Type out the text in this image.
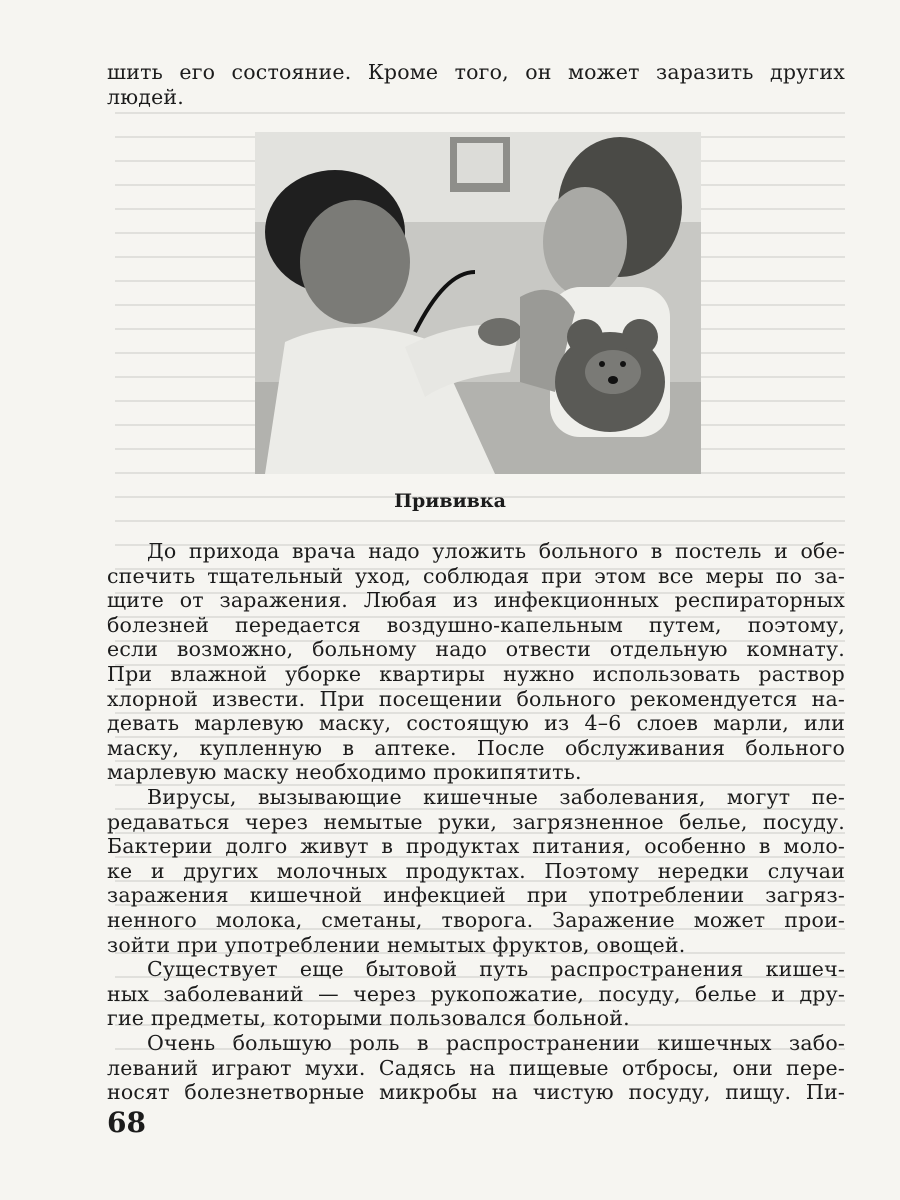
шить его состояние. Кроме того, он может заразить других
людей.
Прививка
До прихода врача надо уложить больного в постель и обе-
спечить тщательный уход, соблюдая при этом все меры по за-
щите от заражения. Любая из инфекционных респираторных
болезней передается воздушно-капельным путем, поэтому,
если возможно, больному надо отвести отдельную комнату.
При влажной уборке квартиры нужно использовать раствор
хлорной извести. При посещении больного рекомендуется на-
девать марлевую маску, состоящую из 4–6 слоев марли, или
маску, купленную в аптеке. После обслуживания больного
марлевую маску необходимо прокипятить.
Вирусы, вызывающие кишечные заболевания, могут пе-
редаваться через немытые руки, загрязненное белье, посуду.
Бактерии долго живут в продуктах питания, особенно в моло-
ке и других молочных продуктах. Поэтому нередки случаи
заражения кишечной инфекцией при употреблении загряз-
ненного молока, сметаны, творога. Заражение может прои-
зойти при употреблении немытых фруктов, овощей.
Существует еще бытовой путь распространения кишеч-
ных заболеваний — через рукопожатие, посуду, белье и дру-
гие предметы, которыми пользовался больной.
Очень большую роль в распространении кишечных забо-
леваний играют мухи. Садясь на пищевые отбросы, они пере-
носят болезнетворные микробы на чистую посуду, пищу. Пи-
68
